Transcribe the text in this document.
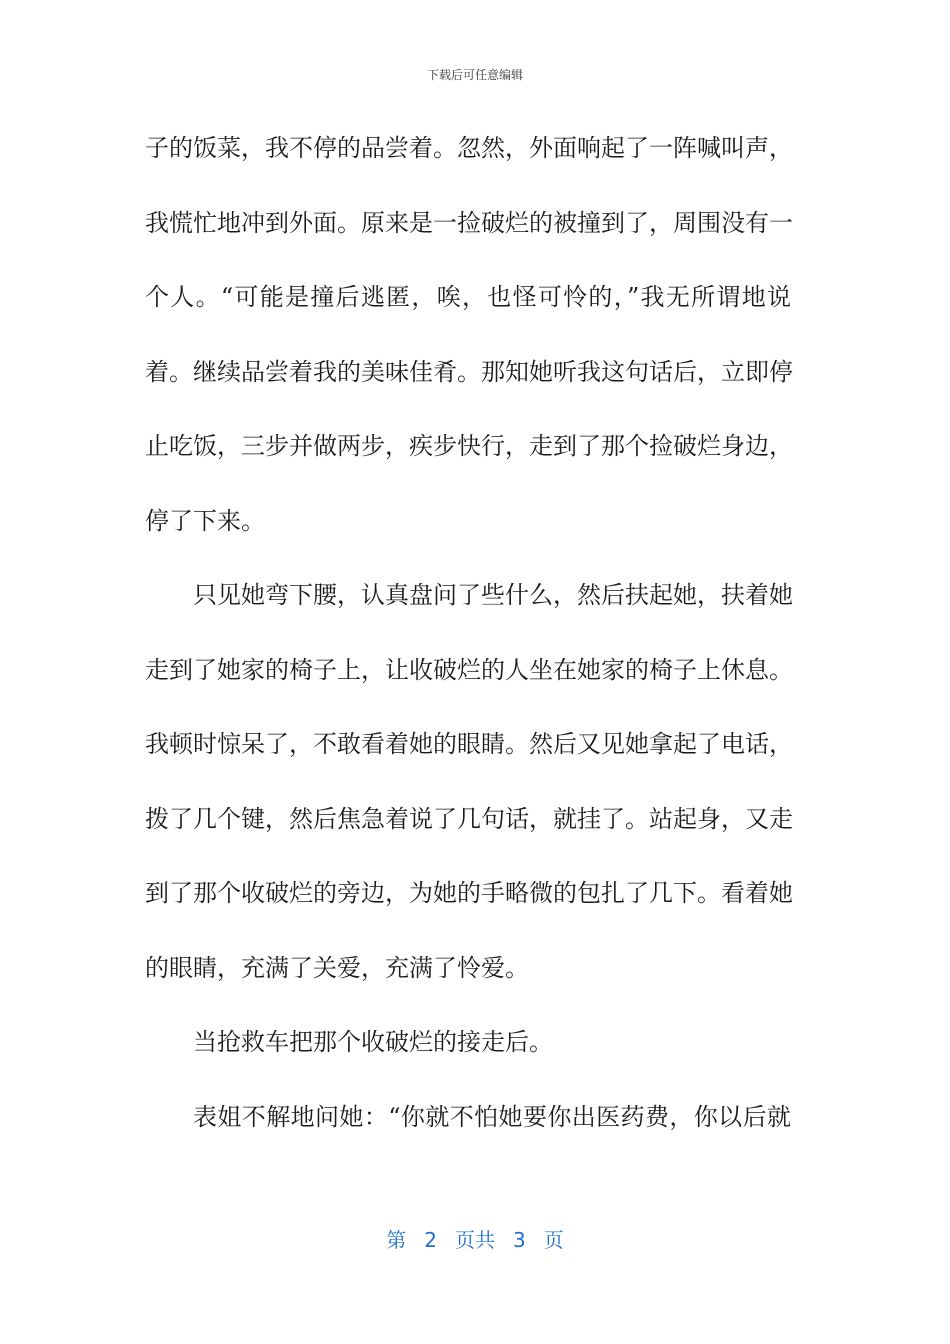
下载后可任意编辑
子的饭菜，我不停的品尝着。忽然，外面响起了一阵喊叫声，
我慌忙地冲到外面。原来是一捡破烂的被撞到了，周围没有一
个人。“可能是撞后逃匿，唉，也怪可怜的，”我无所谓地说
着。继续品尝着我的美味佳肴。那知她听我这句话后，立即停
止吃饭，三步并做两步，疾步快行，走到了那个捡破烂身边，
停了下来。
只见她弯下腰，认真盘问了些什么，然后扶起她，扶着她
走到了她家的椅子上，让收破烂的人坐在她家的椅子上休息。
我顿时惊呆了，不敢看着她的眼睛。然后又见她拿起了电话，
拨了几个键，然后焦急着说了几句话，就挂了。站起身，又走
到了那个收破烂的旁边，为她的手略微的包扎了几下。看着她
的眼睛，充满了关爱，充满了怜爱。
当抢救车把那个收破烂的接走后。
表姐不解地问她：“你就不怕她要你出医药费，你以后就
第 2 页共 3 页
